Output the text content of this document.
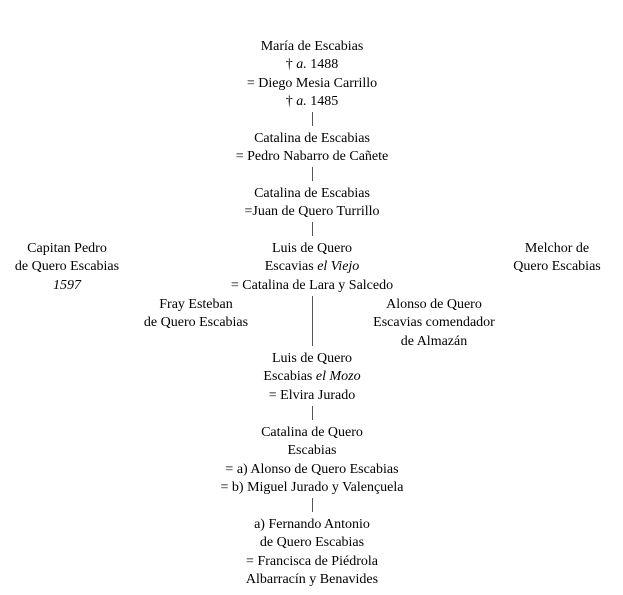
María de Escabias
† a. 1488
= Diego Mesia Carrillo
† a. 1485
Catalina de Escabias
= Pedro Nabarro de Cañete
Catalina de Escabias
=Juan de Quero Turrillo
Capitan Pedro
de Quero Escabias
1597
Luis de Quero
Escavias el Viejo
= Catalina de Lara y Salcedo
Melchor de
Quero Escabias
Fray Esteban
de Quero Escabias
Alonso de Quero
Escavias comendador
de Almazán
Luis de Quero
Escabias el Mozo
= Elvira Jurado
Catalina de Quero
Escabias
= a) Alonso de Quero Escabias
= b) Miguel Jurado y Valençuela
a) Fernando Antonio
de Quero Escabias
= Francisca de Piédrola
Albarracín y Benavides
